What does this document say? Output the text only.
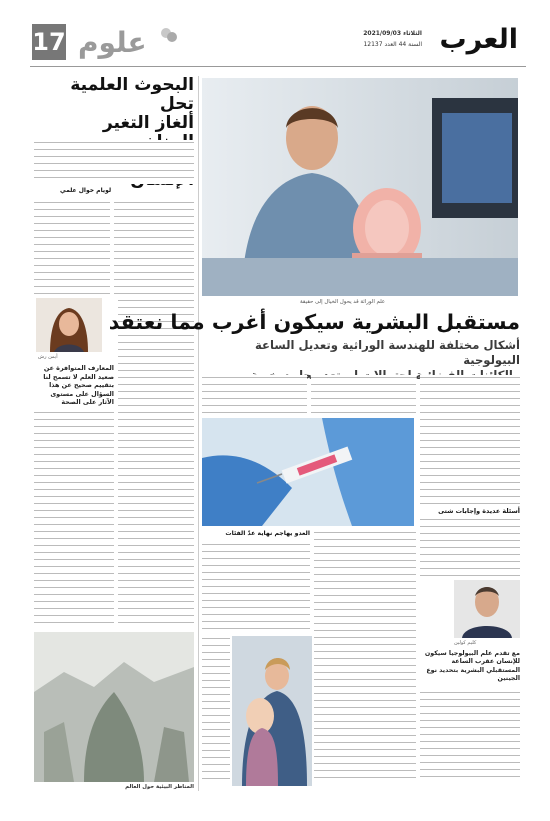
العرب
الثلاثاء 2021/09/03
السنة 44 العدد 12137
علوم
17
البحوث العلمية تحل
ألغاز التغير
لويام خوال علمي
أيمن رش
المعارف المتوافرة عن صعيد العلم لا تسمح لنا بتقييم صحيح عن هذا السؤال على مستوى الآثار على الصحة
المناظر البيئية حول العالم
علم الوراثة قد يحول الخيال إلى حقيقة
مستقبل البشرية سيكون أغرب مما نعتقد
أشكال مختلفة للهندسة الوراثية وتعديل الساعة البيولوجية
أسئلة عديدة وإجابات شتى
كليم كولين
مع تقدم علم البيولوجيا سيكون للإنسان عقرب الساعة المستقبلي البشرية بتحديد نوع الجينين
العدو يهاجم نهاية عدّ الفئات
